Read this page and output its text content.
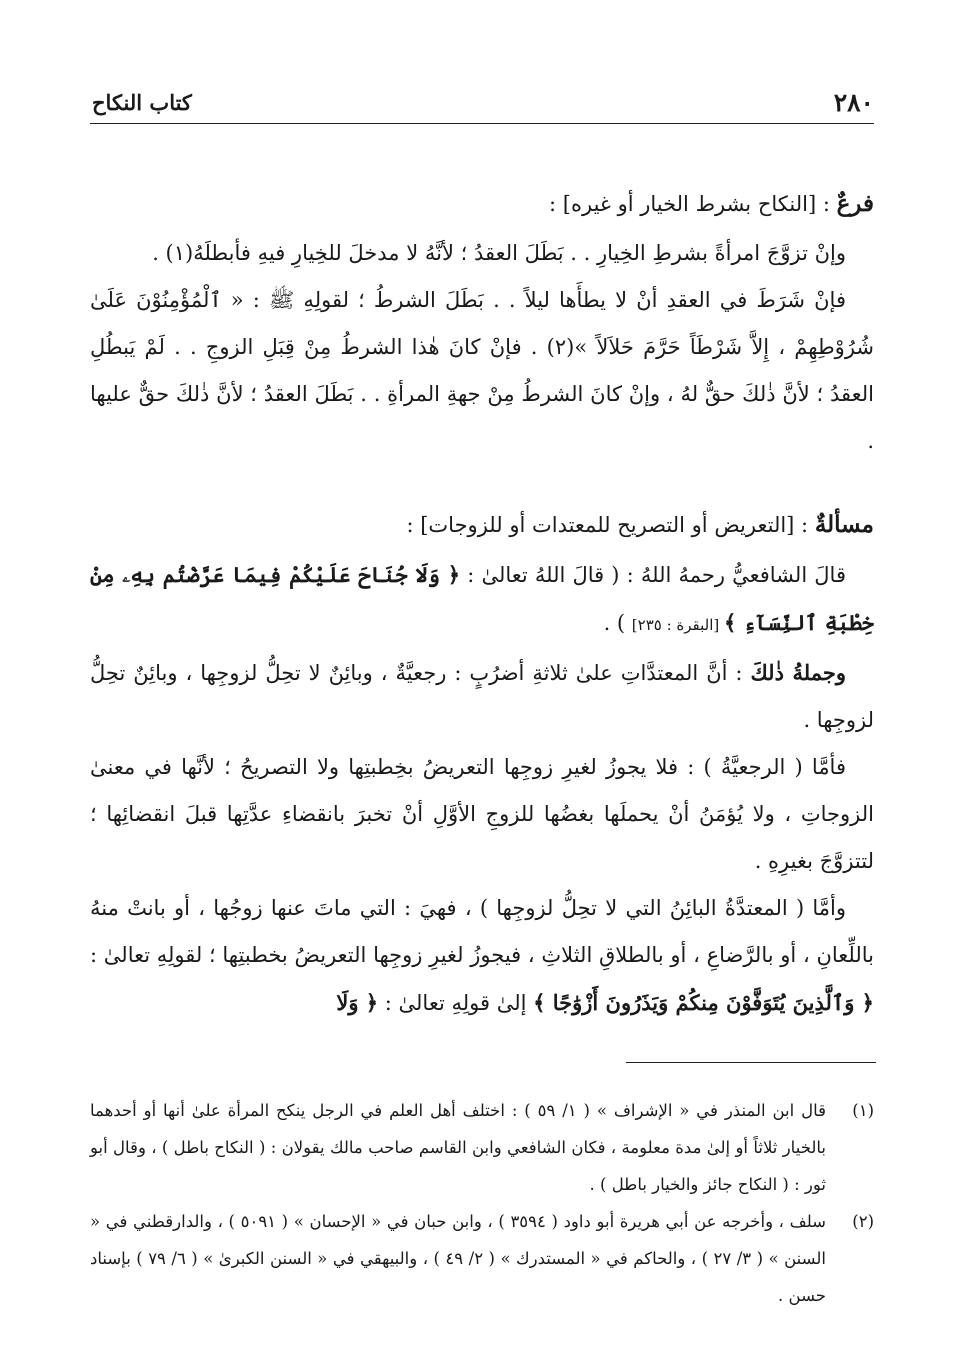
٢٨٠
كتاب النكاح

فرعٌ : [النكاح بشرط الخيار أو غيره] :

وإنْ تزوَّجَ امرأةً بشرطِ الخِيارِ . . بَطَلَ العقدُ ؛ لأنَّهُ لا مدخلَ للخِيارِ فيهِ فأبطلَهُ(١) .

فإنْ شَرَطَ في العقدِ أنْ لا يطأَها ليلاً . . بَطَلَ الشرطُ ؛ لقولِهِ ﷺ : « ٱلْمُؤْمِنُوْنَ عَلَىٰ شُرُوْطِهِمْ ، إِلاَّ شَرْطَاً حَرَّمَ حَلاَلاً »(٢) . فإنْ كانَ هٰذا الشرطُ مِنْ قِبَلِ الزوجِ . . لَمْ يَبطُلِ العقدُ ؛ لأنَّ ذٰلكَ حقٌّ لهُ ، وإنْ كانَ الشرطُ مِنْ جهةِ المرأةِ . . بَطَلَ العقدُ ؛ لأنَّ ذٰلكَ حقٌّ عليها .

مسألةٌ : [التعريض أو التصريح للمعتدات أو للزوجات] :

قالَ الشافعيُّ رحمهُ اللهُ : ( قالَ اللهُ تعالىٰ : ﴿ وَلَا جُنَاحَ عَلَيْكُمْ فِيمَا عَرَّضْتُم بِهِۦ مِنْ خِطْبَةِ ٱلنِّسَآءِ ﴾ [البقرة : ٢٣٥] ) .

وجملةُ ذٰلكَ : أنَّ المعتدَّاتِ علىٰ ثلاثةِ أضرُبٍ : رجعيَّةٌ ، وبائِنٌ لا تحِلُّ لزوجِها ، وبائِنٌ تحِلُّ لزوجِها .

فأمَّا ( الرجعيَّةُ ) : فلا يجوزُ لغيرِ زوجِها التعريضُ بخِطبتِها ولا التصريحُ ؛ لأنَّها في معنىٰ الزوجاتِ ، ولا يُؤمَنُ أنْ يحملَها بغضُها للزوجِ الأوَّلِ أنْ تخبرَ بانقضاءِ عدَّتِها قبلَ انقضائِها ؛ لتتزوَّجَ بغيرِهِ .

وأمَّا ( المعتدَّةُ البائِنُ التي لا تحِلُّ لزوجِها ) ، فهيَ : التي ماتَ عنها زوجُها ، أو بانتْ منهُ باللِّعانِ ، أو بالرَّضاعِ ، أو بالطلاقِ الثلاثِ ، فيجوزُ لغيرِ زوجِها التعريضُ بخطبتِها ؛ لقولِهِ تعالىٰ : ﴿ وَٱلَّذِينَ يُتَوَفَّوْنَ مِنكُمْ وَيَذَرُونَ أَزْوَٰجًا ﴾ إلىٰ قولِهِ تعالىٰ : ﴿ وَلَا

(١)
قال ابن المنذر في « الإشراف » ( ١/ ٥٩ ) : اختلف أهل العلم في الرجل ينكح المرأة علىٰ أنها أو أحدهما بالخيار ثلاثاً أو إلىٰ مدة معلومة ، فكان الشافعي وابن القاسم صاحب مالك يقولان : ( النكاح باطل ) ، وقال أبو ثور : ( النكاح جائز والخيار باطل ) .
(٢)
سلف ، وأخرجه عن أبي هريرة أبو داود ( ٣٥٩٤ ) ، وابن حبان في « الإحسان » ( ٥٠٩١ ) ، والدارقطني في « السنن » ( ٣/ ٢٧ ) ، والحاكم في « المستدرك » ( ٢/ ٤٩ ) ، والبيهقي في « السنن الكبرىٰ » ( ٦/ ٧٩ ) بإسناد حسن .
